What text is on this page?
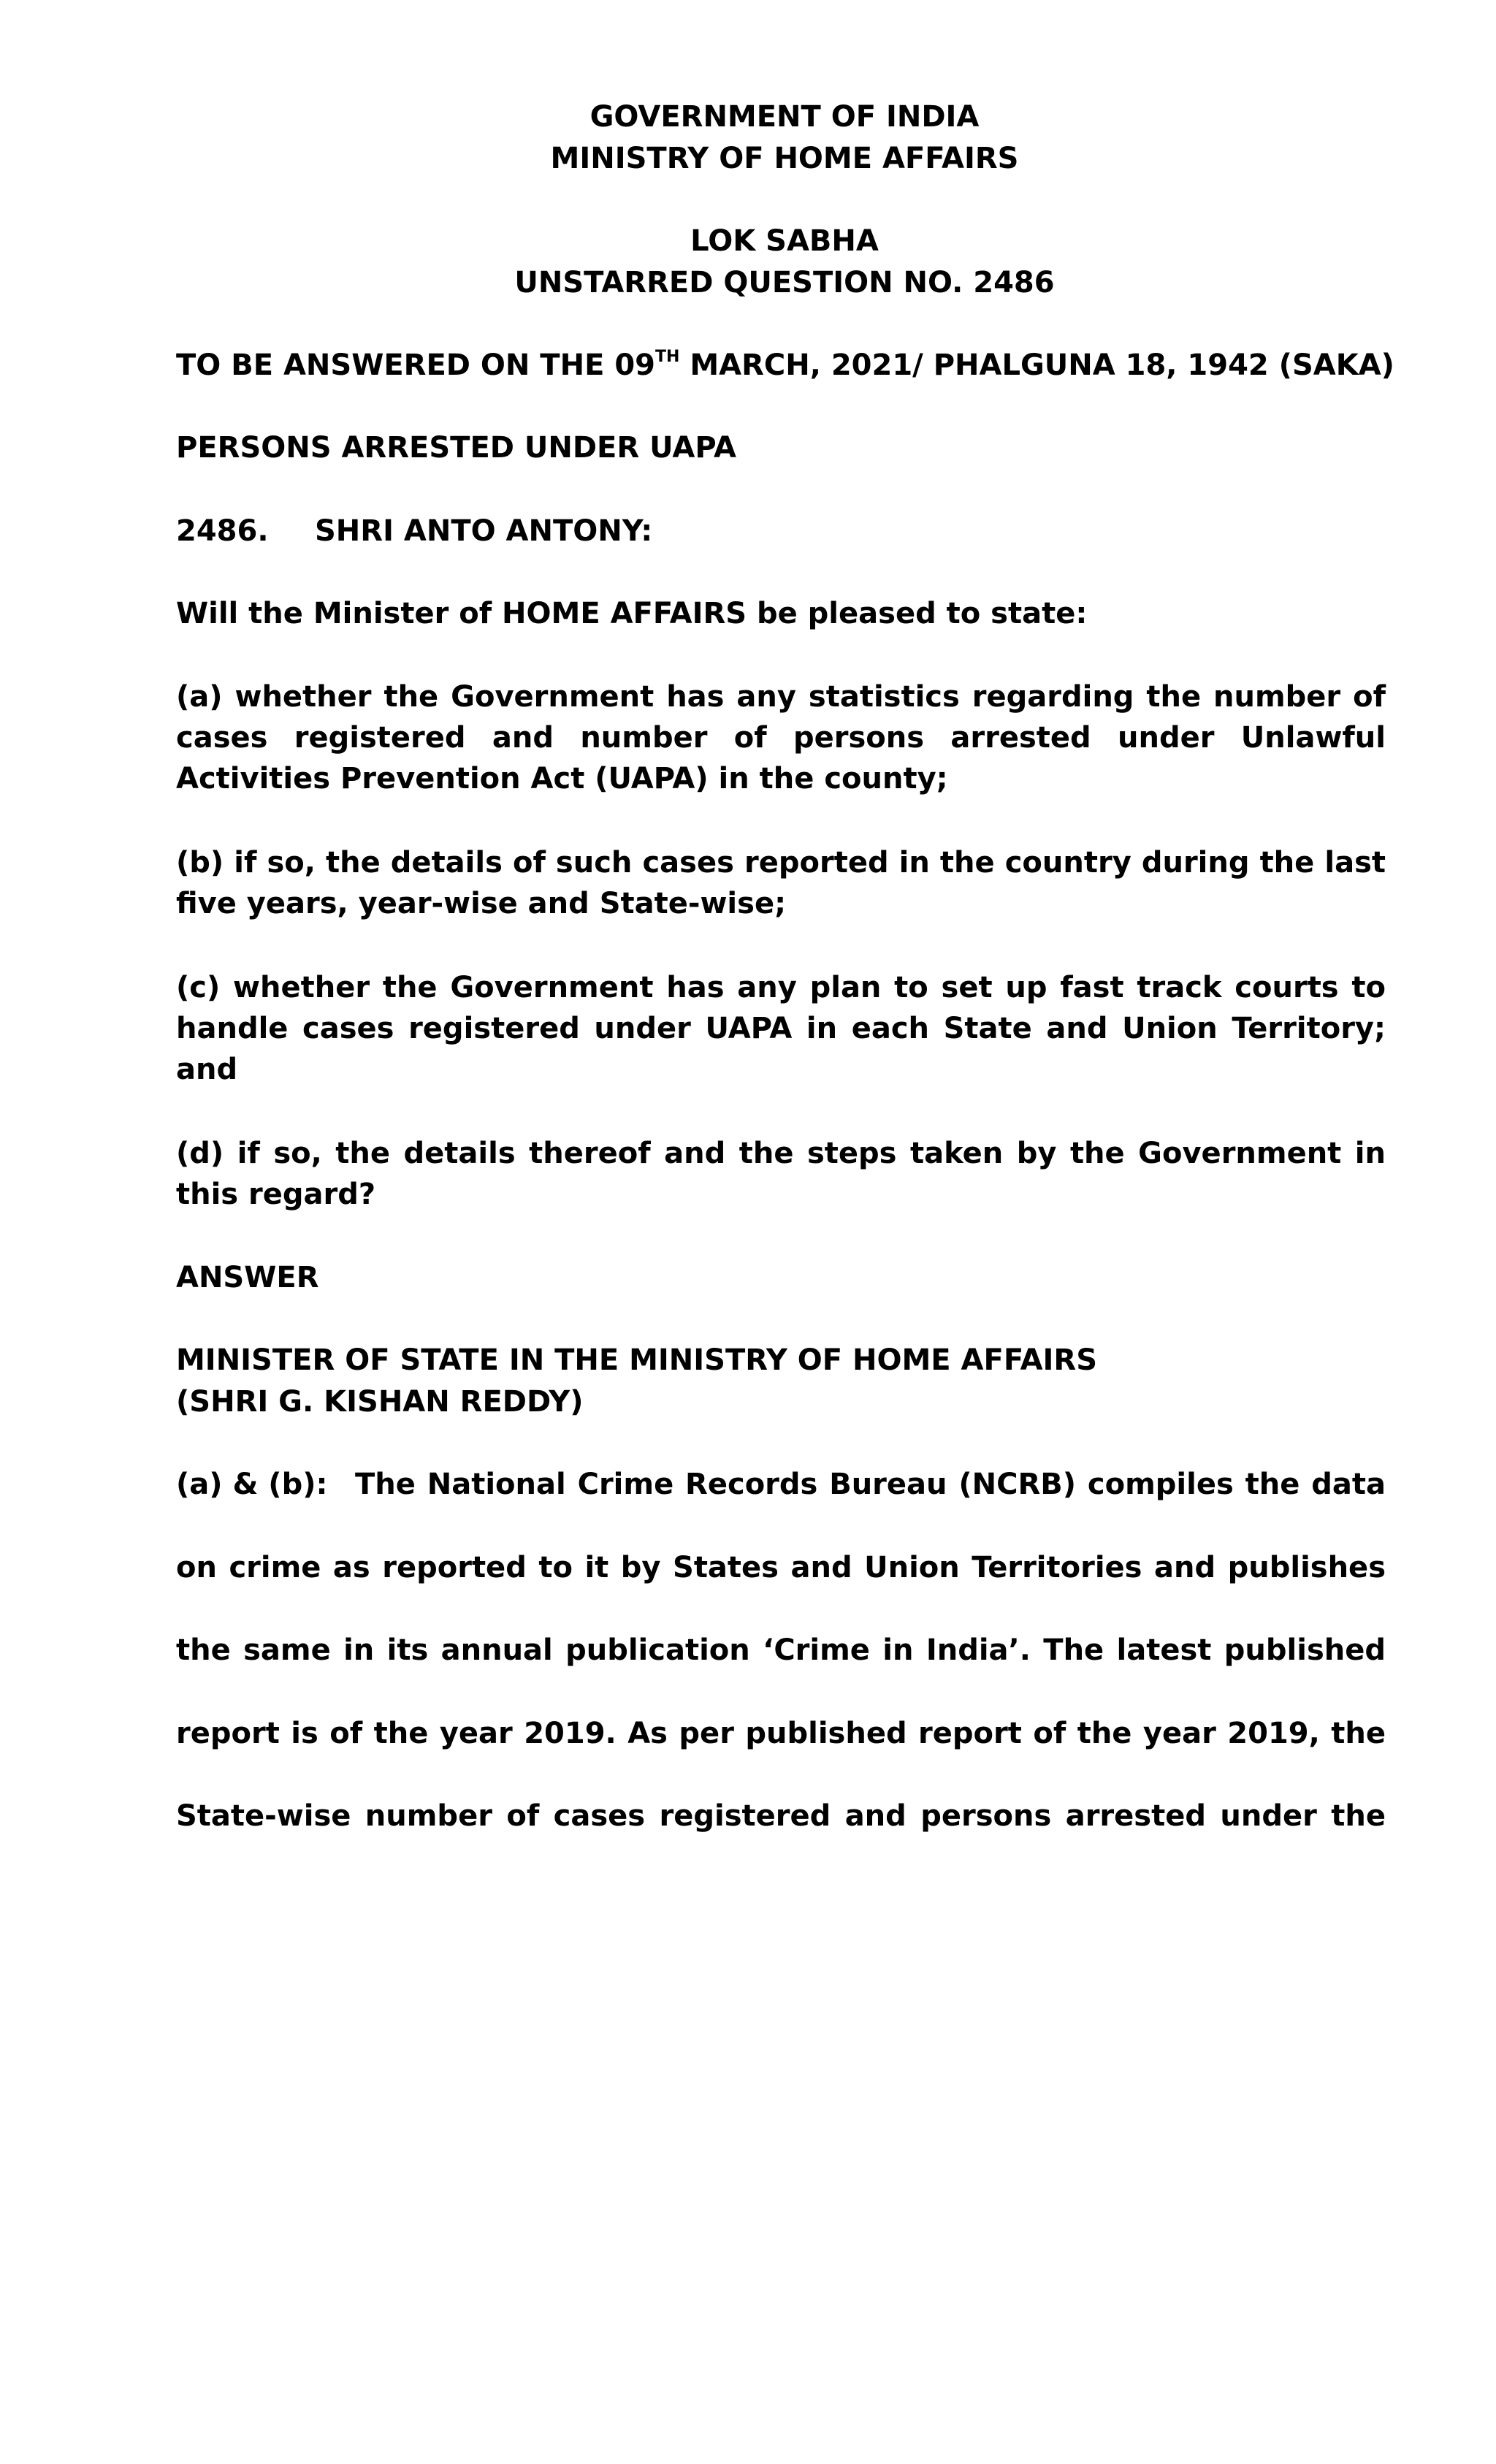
GOVERNMENT OF INDIA
MINISTRY OF HOME AFFAIRS
LOK SABHA
UNSTARRED QUESTION NO. 2486
TO BE ANSWERED ON THE 09TH MARCH, 2021/ PHALGUNA 18, 1942 (SAKA)
PERSONS ARRESTED UNDER UAPA
2486. SHRI ANTO ANTONY:
Will the Minister of HOME AFFAIRS be pleased to state:
(a) whether the Government has any statistics regarding the number of cases registered and number of persons arrested under Unlawful Activities Prevention Act (UAPA) in the county;
(b) if so, the details of such cases reported in the country during the last five years, year-wise and State-wise;
(c) whether the Government has any plan to set up fast track courts to handle cases registered under UAPA in each State and Union Territory; and
(d) if so, the details thereof and the steps taken by the Government in this regard?
ANSWER
MINISTER OF STATE IN THE MINISTRY OF HOME AFFAIRS
(SHRI G. KISHAN REDDY)
(a) & (b): The National Crime Records Bureau (NCRB) compiles the data
on crime as reported to it by States and Union Territories and publishes
the same in its annual publication ‘Crime in India’. The latest published
report is of the year 2019. As per published report of the year 2019, the
State-wise number of cases registered and persons arrested under the
